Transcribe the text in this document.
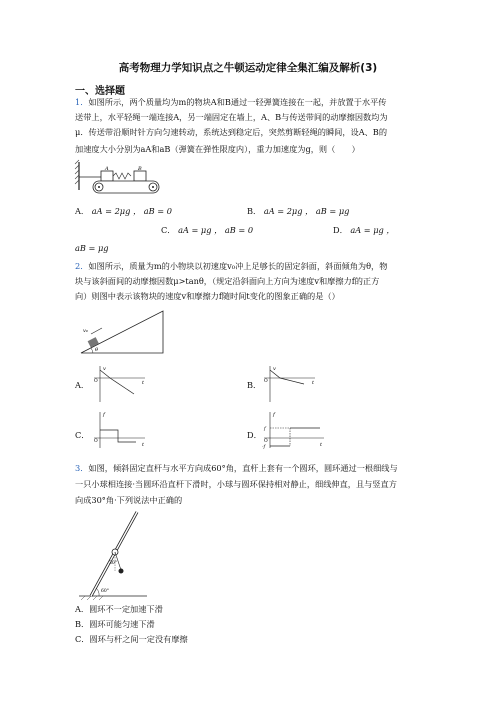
高考物理力学知识点之牛顿运动定律全集汇编及解析(3)
一、选择题
1．如图所示，两个质量均为m的物块A和B通过一轻弹簧连接在一起，并放置于水平传
送带上，水平轻绳一端连接A，另一端固定在墙上，A、B与传送带间的动摩擦因数均为
μ．传送带沿顺时针方向匀速转动，系统达到稳定后，突然剪断轻绳的瞬间，设A、B的
加速度大小分别为aA和aB（弹簧在弹性限度内），重力加速度为g，则（　　）
A	B
A． aA = 2μg ， aB = 0	B． aA = 2μg ， aB = μg
C． aA = μg ， aB = 0	D． aA = μg ，
aB = μg
2．如图所示，质量为m的小物块以初速度v₀冲上足够长的固定斜面，斜面倾角为θ，物
块与该斜面间的动摩擦因数μ>tanθ，（规定沿斜面向上方向为速度v和摩擦力f的正方
向）则图中表示该物块的速度v和摩擦力f随时间t变化的图象正确的是（）
v₀
θ
A．
v
O	t	B．
v
O	t
C．
f
O
t
D．
f
O
t
f
-f
3．如图，倾斜固定直杆与水平方向成60°角，直杆上套有一个圆环，圆环通过一根细线与
一只小球相连接·当圆环沿直杆下滑时，小球与圆环保持相对静止，细线伸直，且与竖直方
向成30°角·下列说法中正确的
30°
60°
A．圆环不一定加速下滑
B．圆环可能匀速下滑
C．圆环与杆之间一定没有摩擦
